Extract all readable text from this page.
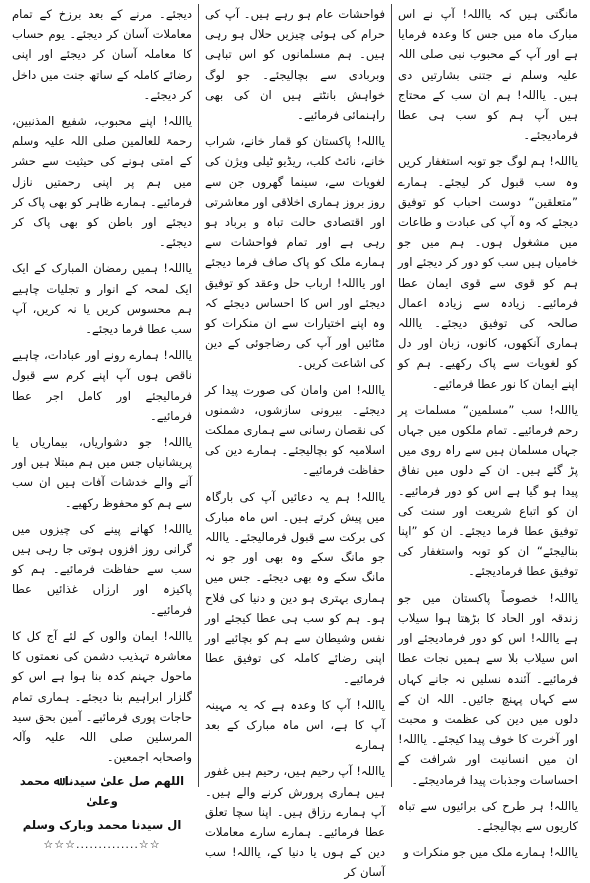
مانگتی ہیں کہ یااللہ! آپ نے اس مبارک ماہ میں جس کا وعدہ فرمایا ہے اور آپ کے محبوب نبی صلی اللہ علیہ وسلم نے جتنی بشارتیں دی ہیں۔ یااللہ! ہم ان سب کے محتاج ہیں آپ ہم کو سب ہی عطا فرمادیجئے۔

یااللہ! ہم لوگ جو توبہ استغفار کریں وہ سب قبول کر لیجئے۔ ہمارے ”متعلقین“ دوست احباب کو توفیق دیجئے کہ وہ آپ کی عبادت و طاعات میں مشغول ہوں۔ ہم میں جو خامیاں ہیں سب کو دور کر دیجئے اور ہم کو قوی سے قوی ایمان عطا فرمائیے۔ زیادہ سے زیادہ اعمال صالحہ کی توفیق دیجئے۔ یااللہ ہماری آنکھوں، کانوں، زبان اور دل کو لغویات سے پاک رکھیے۔ ہم کو اپنے ایمان کا نور عطا فرمائیے۔

یااللہ! سب ”مسلمین“ مسلمات پر رحم فرمائیے۔ تمام ملکوں میں جہاں جہاں مسلمان ہیں سے راہ روی میں پڑ گئے ہیں۔ ان کے دلوں میں نفاق پیدا ہو گیا ہے اس کو دور فرمائیے۔ ان کو اتباع شریعت اور سنت کی توفیق عطا فرما دیجئے۔ ان کو ”اپنا بنالیجئے“ ان کو توبہ واستغفار کی توفیق عطا فرمادیجئے۔

یااللہ! خصوصاً پاکستان میں جو زندقہ اور الحاد کا بڑھتا ہوا سیلاب ہے یااللہ! اس کو دور فرمادیجئے اور اس سیلاب بلا سے ہمیں نجات عطا فرمائیے۔ آئندہ نسلیں نہ جانے کہاں سے کہاں پہنچ جائیں۔ اللہ ان کے دلوں میں دین کی عظمت و محبت اور آخرت کا خوف پیدا کیجئے۔ یااللہ! ان میں انسانیت اور شرافت کے احساسات وجذبات پیدا فرمادیجئے۔

یااللہ! ہر طرح کی برائیوں سے تباہ کاریوں سے بچالیجئے۔

یااللہ! ہمارے ملک میں جو منکرات و

فواحشات عام ہو رہے ہیں۔ آپ کی حرام کی ہوئی چیزیں حلال ہو رہی ہیں۔ ہم مسلمانوں کو اس تباہی وبربادی سے بچالیجئے۔ جو لوگ خواہش بانٹتے ہیں ان کی بھی راہنمائی فرمائیے۔

یااللہ! پاکستان کو قمار خانے، شراب خانے، نائٹ کلب، ریڈیو ٹیلی ویژن کی لغویات سے، سینما گھروں جن سے روز بروز ہماری اخلاقی اور معاشرتی اور اقتصادی حالت تباہ و برباد ہو رہی ہے اور تمام فواحشات سے ہمارے ملک کو پاک صاف فرما دیجئے اور یااللہ! ارباب حل وعقد کو توفیق دیجئے اور اس کا احساس دیجئے کہ وہ اپنے اختیارات سے ان منکرات کو مٹائیں اور آپ کی رضاجوئی کے دین کی اشاعت کریں۔

یااللہ! امن وامان کی صورت پیدا کر دیجئے۔ بیرونی سازشوں، دشمنوں کی نقصان رسانی سے ہماری مملکت اسلامیہ کو بچالیجئے۔ ہمارے دین کی حفاظت فرمائیے۔

یااللہ! ہم یہ دعائیں آپ کی بارگاہ میں پیش کرتے ہیں۔ اس ماہ مبارک کی برکت سے قبول فرمالیجئے۔ یااللہ جو مانگ سکے وہ بھی اور جو نہ مانگ سکے وہ بھی دیجئے۔ جس میں ہماری بہتری ہو دین و دنیا کی فلاح ہو۔ ہم کو سب ہی عطا کیجئے اور نفس وشیطان سے ہم کو بچائیے اور اپنی رضائے کاملہ کی توفیق عطا فرمائیے۔

یااللہ! آپ کا وعدہ ہے کہ یہ مہینہ آپ کا ہے، اس ماہ مبارک کے بعد ہمارے

یااللہ! آپ رحیم ہیں، رحیم ہیں غفور ہیں ہماری پرورش کرنے والے ہیں۔ آپ ہمارے رزاق ہیں۔ اپنا سچا تعلق عطا فرمائیے۔ ہمارے سارے معاملات دین کے ہوں یا دنیا کے، یااللہ! سب آسان کر

دیجئے۔ مرنے کے بعد برزخ کے تمام معاملات آسان کر دیجئے۔ یوم حساب کا معاملہ آسان کر دیجئے اور اپنی رضائے کاملہ کے ساتھ جنت میں داخل کر دیجئے۔

یااللہ! اپنے محبوب، شفیع المذنبین، رحمۃ للعالمین صلی اللہ علیہ وسلم کے امتی ہونے کی حیثیت سے حشر میں ہم پر اپنی رحمتیں نازل فرمائیے۔ ہمارے ظاہر کو بھی پاک کر دیجئے اور باطن کو بھی پاک کر دیجئے۔

یااللہ! ہمیں رمضان المبارک کے ایک ایک لمحہ کے انوار و تجلیات چاہیے ہم محسوس کریں یا نہ کریں، آپ سب عطا فرما دیجئے۔

یااللہ! ہمارے رونے اور عبادات، چاہیے ناقص ہوں آپ اپنے کرم سے قبول فرمالیجئے اور کامل اجر عطا فرمائیے۔

یااللہ! جو دشواریاں، بیماریاں یا پریشانیاں جس میں ہم مبتلا ہیں اور آنے والے خدشات آفات ہیں ان سب سے ہم کو محفوظ رکھیے۔

یااللہ! کھانے پینے کی چیزوں میں گرانی روز افزوں ہوتی جا رہی ہیں سب سے حفاظت فرمائیے۔ ہم کو پاکیزہ اور ارزاں غذائیں عطا فرمائیے۔

یااللہ! ایمان والوں کے لئے آج کل کا معاشرہ تہذیب دشمن کی نعمتوں کا ماحول جہنم کدہ بنا ہوا ہے اس کو گلزار ابراہیم بنا دیجئے۔ ہماری تمام حاجات پوری فرمائیے۔ آمین بحق سید المرسلین صلی اللہ علیہ وآلہ واصحابہ اجمعین۔

اللھم صل علیٰ سیدنا ﷲ محمد وعلیٰ
ال سیدنا محمد وبارک وسلم
☆☆☆..............☆☆
